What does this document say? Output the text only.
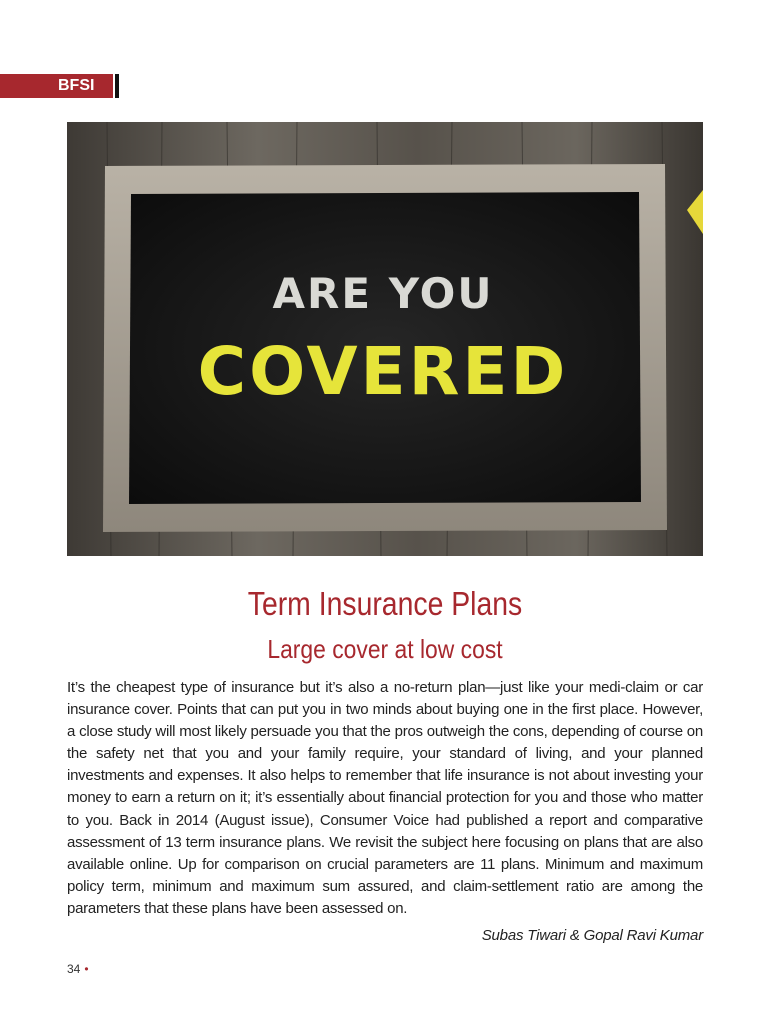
BFSI
ARE YOU
COVERED
Term Insurance Plans
Large cover at low cost
It’s the cheapest type of insurance but it’s also a no-return plan—just like your medi-claim or car insurance cover. Points that can put you in two minds about buying one in the first place. However, a close study will most likely persuade you that the pros outweigh the cons, depending of course on the safety net that you and your family require, your standard of living, and your planned investments and expenses. It also helps to remember that life insurance is not about investing your money to earn a return on it; it’s essentially about financial protection for you and those who matter to you. Back in 2014 (August issue), Consumer Voice had published a report and comparative assessment of 13 term insurance plans. We revisit the subject here focusing on plans that are also available online. Up for comparison on crucial parameters are 11 plans. Minimum and maximum policy term, minimum and maximum sum assured, and claim-settlement ratio are among the parameters that these plans have been assessed on.
Subas Tiwari & Gopal Ravi Kumar
34 •
